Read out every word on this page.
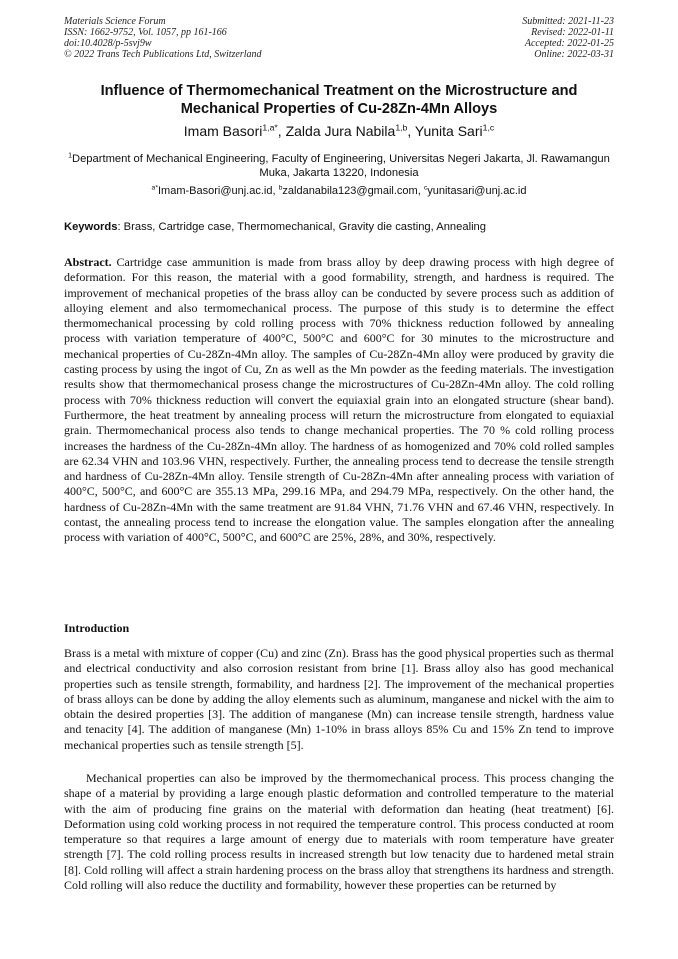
Materials Science Forum
ISSN: 1662-9752, Vol. 1057, pp 161-166
doi:10.4028/p-5svj9w
© 2022 Trans Tech Publications Ltd, Switzerland
Submitted: 2021-11-23
Revised: 2022-01-11
Accepted: 2022-01-25
Online: 2022-03-31
Influence of Thermomechanical Treatment on the Microstructure and Mechanical Properties of Cu-28Zn-4Mn Alloys
Imam Basori$^{1,a*}$, Zalda Jura Nabila$^{1,b}$, Yunita Sari$^{1,c}$
$^1$Department of Mechanical Engineering, Faculty of Engineering, Universitas Negeri Jakarta, Jl. Rawamangun Muka, Jakarta 13220, Indonesia
$^{a*}$Imam-Basori@unj.ac.id, $^b$zaldanabila123@gmail.com, $^c$yunitasari@unj.ac.id
Keywords: Brass, Cartridge case, Thermomechanical, Gravity die casting, Annealing

Abstract. Cartridge case ammunition is made from brass alloy by deep drawing process with high degree of deformation. For this reason, the material with a good formability, strength, and hardness is required. The improvement of mechanical propeties of the brass alloy can be conducted by severe process such as addition of alloying element and also termomechanical process. The purpose of this study is to determine the effect thermomechanical processing by cold rolling process with 70% thickness reduction followed by annealing process with variation temperature of 400°C, 500°C and 600°C for 30 minutes to the microstructure and mechanical properties of Cu-28Zn-4Mn alloy. The samples of Cu-28Zn-4Mn alloy were produced by gravity die casting process by using the ingot of Cu, Zn as well as the Mn powder as the feeding materials. The investigation results show that thermomechanical prosess change the microstructures of Cu-28Zn-4Mn alloy. The cold rolling process with 70% thickness reduction will convert the equiaxial grain into an elongated structure (shear band). Furthermore, the heat treatment by annealing process will return the microstructure from elongated to equiaxial grain. Thermomechanical process also tends to change mechanical properties. The 70 % cold rolling process increases the hardness of the Cu-28Zn-4Mn alloy. The hardness of as homogenized and 70% cold rolled samples are 62.34 VHN and 103.96 VHN, respectively. Further, the annealing process tend to decrease the tensile strength and hardness of Cu-28Zn-4Mn alloy. Tensile strength of Cu-28Zn-4Mn after annealing process with variation of 400°C, 500°C, and 600°C are 355.13 MPa, 299.16 MPa, and 294.79 MPa, respectively. On the other hand, the hardness of Cu-28Zn-4Mn with the same treatment are 91.84 VHN, 71.76 VHN and 67.46 VHN, respectively. In contast, the annealing process tend to increase the elongation value. The samples elongation after the annealing process with variation of 400°C, 500°C, and 600°C are 25%, 28%, and 30%, respectively.

Introduction

Brass is a metal with mixture of copper (Cu) and zinc (Zn). Brass has the good physical properties such as thermal and electrical conductivity and also corrosion resistant from brine [1]. Brass alloy also has good mechanical properties such as tensile strength, formability, and hardness [2]. The improvement of the mechanical properties of brass alloys can be done by adding the alloy elements such as aluminum, manganese and nickel with the aim to obtain the desired properties [3]. The addition of manganese (Mn) can increase tensile strength, hardness value and tenacity [4]. The addition of manganese (Mn) 1-10% in brass alloys 85% Cu and 15% Zn tend to improve mechanical properties such as tensile strength [5].

Mechanical properties can also be improved by the thermomechanical process. This process changing the shape of a material by providing a large enough plastic deformation and controlled temperature to the material with the aim of producing fine grains on the material with deformation dan heating (heat treatment) [6]. Deformation using cold working process in not required the temperature control. This process conducted at room temperature so that requires a large amount of energy due to materials with room temperature have greater strength [7]. The cold rolling process results in increased strength but low tenacity due to hardened metal strain [8]. Cold rolling will affect a strain hardening process on the brass alloy that strengthens its hardness and strength. Cold rolling will also reduce the ductility and formability, however these properties can be returned by
